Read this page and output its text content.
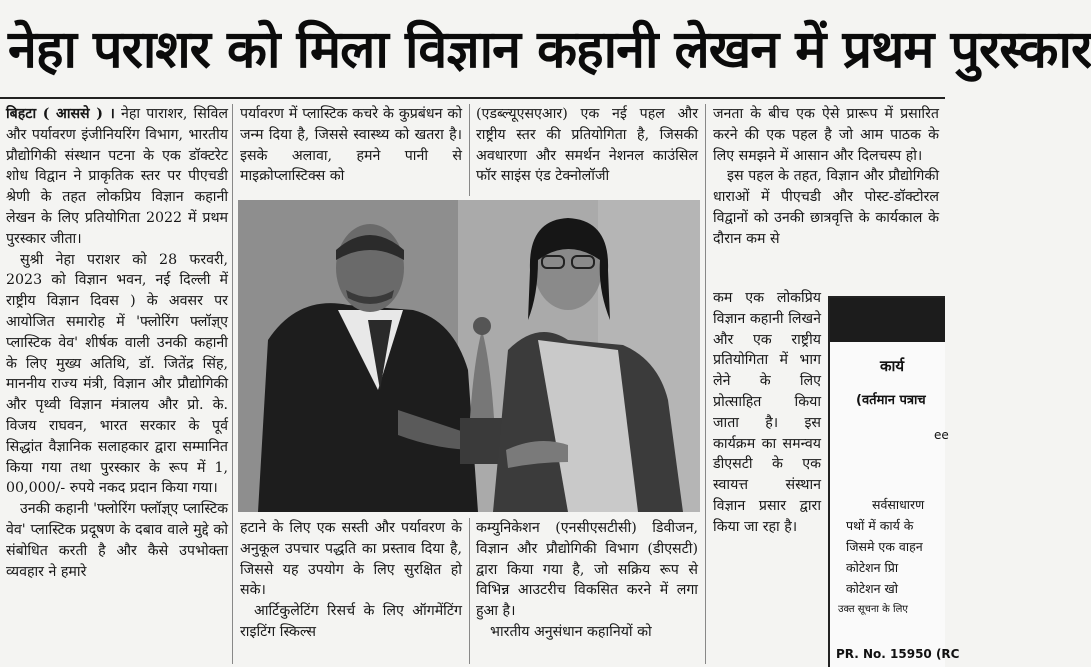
नेहा पराशर को मिला विज्ञान कहानी लेखन में प्रथम पुरस्कार

बिहटा ( आससे ) । नेहा पाराशर, सिविल और पर्यावरण इंजीनियरिंग विभाग, भारतीय प्रौद्योगिकी संस्थान पटना के एक डॉक्टरेट शोध विद्वान ने प्राकृतिक स्तर पर पीएचडी श्रेणी के तहत लोकप्रिय विज्ञान कहानी लेखन के लिए प्रतियोगिता 2022 में प्रथम पुरस्कार जीता।

सुश्री नेहा पराशर को 28 फरवरी, 2023 को विज्ञान भवन, नई दिल्ली में राष्ट्रीय विज्ञान दिवस ) के अवसर पर आयोजित समारोह में 'फ्लोरिंग फ्लॉज्ञ्ए प्लास्टिक वेव' शीर्षक वाली उनकी कहानी के लिए मुख्य अतिथि, डॉ. जितेंद्र सिंह, माननीय राज्य मंत्री, विज्ञान और प्रौद्योगिकी और पृथ्वी विज्ञान मंत्रालय और प्रो. के. विजय राघवन, भारत सरकार के पूर्व सिद्धांत वैज्ञानिक सलाहकार द्वारा सम्मानित किया गया तथा पुरस्कार के रूप में 1, 00,000/- रुपये नकद प्रदान किया गया।

उनकी कहानी 'फ्लोरिंग फ्लॉज्ञ्ए प्लास्टिक वेव' प्लास्टिक प्रदूषण के दबाव वाले मुद्दे को संबोधित करती है और कैसे उपभोक्ता व्यवहार ने हमारे

पर्यावरण में प्लास्टिक कचरे के कुप्रबंधन को जन्म दिया है, जिससे स्वास्थ्य को खतरा है। इसके अलावा, हमने पानी से माइक्रोप्लास्टिक्स को

(एडब्ल्यूएसएआर) एक नई पहल और राष्ट्रीय स्तर की प्रतियोगिता है, जिसकी अवधारणा और समर्थन नेशनल काउंसिल फॉर साइंस एंड टेक्नोलॉजी

हटाने के लिए एक सस्ती और पर्यावरण के अनुकूल उपचार पद्धति का प्रस्ताव दिया है, जिससे यह उपयोग के लिए सुरक्षित हो सके।

आर्टिकुलेटिंग रिसर्च के लिए ऑगमेंटिंग राइटिंग स्किल्स

कम्युनिकेशन (एनसीएसटीसी) डिवीजन, विज्ञान और प्रौद्योगिकी विभाग (डीएसटी) द्वारा किया गया है, जो सक्रिय रूप से विभिन्न आउटरीच विकसित करने में लगा हुआ है।

भारतीय अनुसंधान कहानियों को

जनता के बीच एक ऐसे प्रारूप में प्रसारित करने की एक पहल है जो आम पाठक के लिए समझने में आसान और दिलचस्प हो।

इस पहल के तहत, विज्ञान और प्रौद्योगिकी धाराओं में पीएचडी और पोस्ट-डॉक्टोरल विद्वानों को उनकी छात्रवृत्ति के कार्यकाल के दौरान कम से

कम एक लोकप्रिय विज्ञान कहानी लिखने और एक राष्ट्रीय प्रतियोगिता में भाग लेने के लिए प्रोत्साहित किया जाता है। इस कार्यक्रम का समन्वय डीएसटी के एक स्वायत्त संस्थान विज्ञान प्रसार द्वारा किया जा रहा है।

कार्य
(वर्तमान पत्राच
ee
सर्वसाधारण
पथों में कार्य के
जिसमे एक वाहन
कोटेशन प्राि
कोटेशन खो
उक्त सूचना के लिए
PR. No. 15950 (RC
